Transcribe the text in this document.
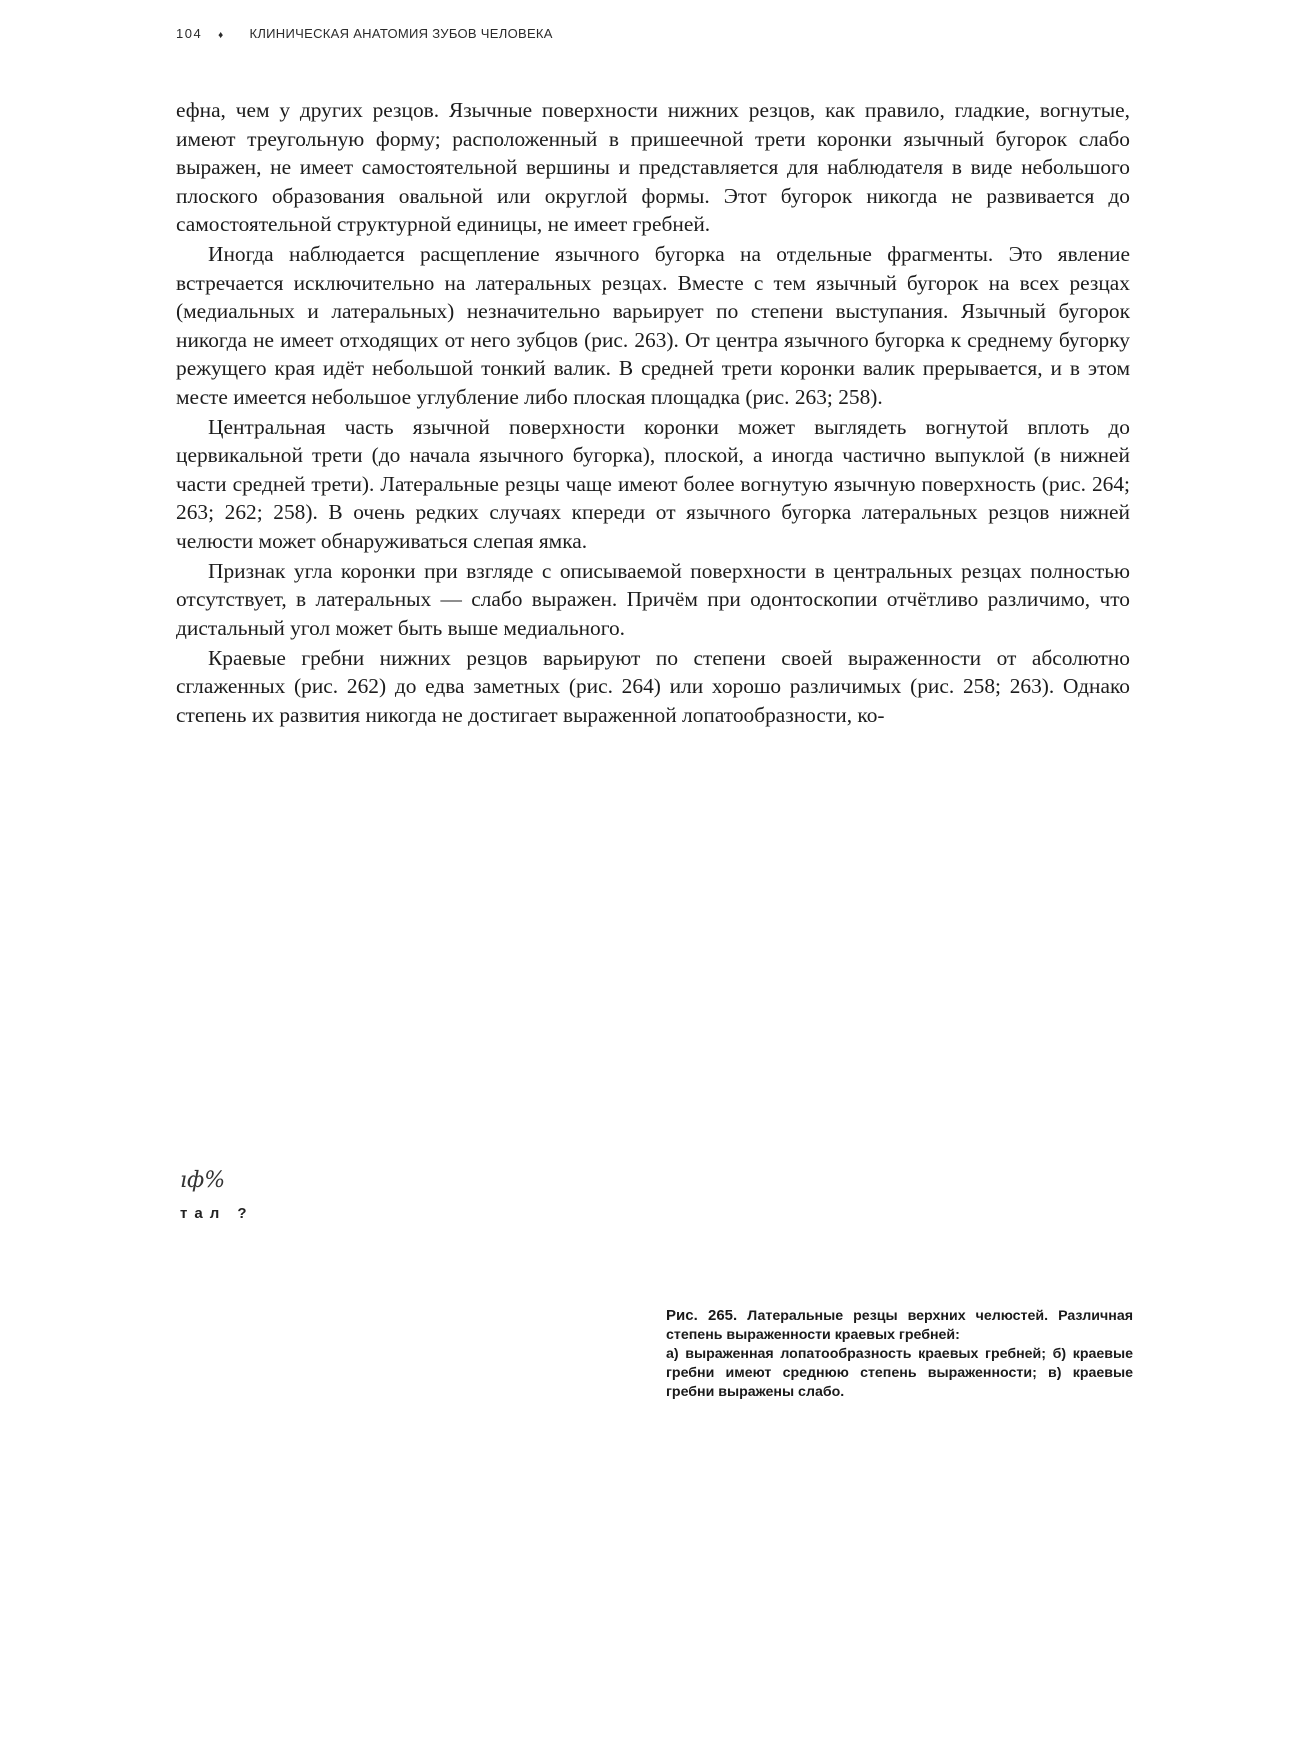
104 ♦ КЛИНИЧЕСКАЯ АНАТОМИЯ ЗУБОВ ЧЕЛОВЕКА

ефна, чем у других резцов. Язычные поверхности нижних резцов, как правило, гладкие, вогнутые, имеют треугольную форму; расположенный в пришеечной трети коронки язычный бугорок слабо выражен, не имеет самостоятельной вершины и представляется для наблюдателя в виде небольшого плоского образования овальной или округлой формы. Этот бугорок никогда не развивается до самостоятельной структурной единицы, не имеет гребней.

Иногда наблюдается расщепление язычного бугорка на отдельные фрагменты. Это явление встречается исключительно на латеральных резцах. Вместе с тем язычный бугорок на всех резцах (медиальных и латеральных) незначительно варьирует по степени выступания. Язычный бугорок никогда не имеет отходящих от него зубцов (рис. 263). От центра язычного бугорка к среднему бугорку режущего края идёт небольшой тонкий валик. В средней трети коронки валик прерывается, и в этом месте имеется небольшое углубление либо плоская площадка (рис. 263; 258).

Центральная часть язычной поверхности коронки может выглядеть вогнутой вплоть до цервикальной трети (до начала язычного бугорка), плоской, а иногда частично выпуклой (в нижней части средней трети). Латеральные резцы чаще имеют более вогнутую язычную поверхность (рис. 264; 263; 262; 258). В очень редких случаях кпереди от язычного бугорка латеральных резцов нижней челюсти может обнаруживаться слепая ямка.

Признак угла коронки при взгляде с описываемой поверхности в центральных резцах полностью отсутствует, в латеральных — слабо выражен. Причём при одонтоскопии отчётливо различимо, что дистальный угол может быть выше медиального.

Краевые гребни нижних резцов варьируют по степени своей выраженности от абсолютно сглаженных (рис. 262) до едва заметных (рис. 264) или хорошо различимых (рис. 258; 263). Однако степень их развития никогда не достигает выраженной лопатообразности, ко-

ıф%
тал ?
Рис. 265. Латеральные резцы верхних челюстей. Различная степень выраженности краевых гребней:
а) выраженная лопатообразность краевых гребней; б) краевые гребни имеют среднюю степень выраженности; в) краевые гребни выражены слабо.
